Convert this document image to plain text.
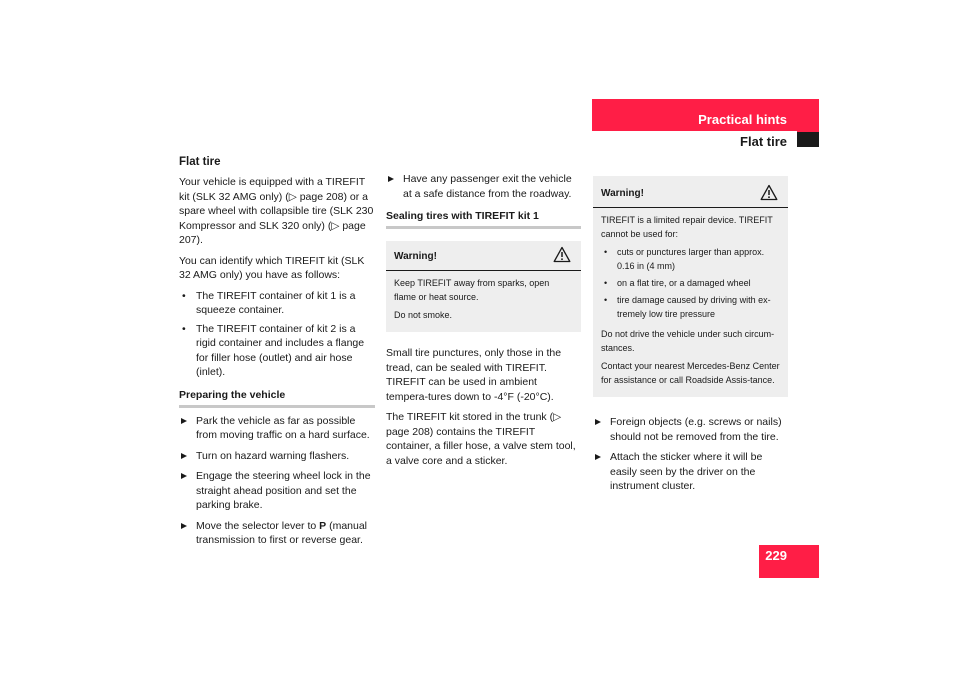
Practical hints
Flat tire
Flat tire

Your vehicle is equipped with a TIREFIT kit (SLK 32 AMG only) (▷ page 208) or a spare wheel with collapsible tire (SLK 230 Kompressor and SLK 320 only) (▷ page 207).

You can identify which TIREFIT kit (SLK 32 AMG only) you have as follows:

• The TIREFIT container of kit 1 is a squeeze container.
• The TIREFIT container of kit 2 is a rigid container and includes a flange for filler hose (outlet) and air hose (inlet).
Preparing the vehicle
Park the vehicle as far as possible from moving traffic on a hard surface.
Turn on hazard warning flashers.
Engage the steering wheel lock in the straight ahead position and set the parking brake.
Move the selector lever to P (manual transmission to first or reverse gear.
Have any passenger exit the vehicle at a safe distance from the roadway.
Sealing tires with TIREFIT kit 1
Warning!

Keep TIREFIT away from sparks, open flame or heat source.

Do not smoke.

Small tire punctures, only those in the tread, can be sealed with TIREFIT. TIREFIT can be used in ambient tempera-tures down to -4°F (-20°C).

The TIREFIT kit stored in the trunk (▷ page 208) contains the TIREFIT container, a filler hose, a valve stem tool, a valve core and a sticker.

Warning!

TIREFIT is a limited repair device. TIREFIT cannot be used for:

• cuts or punctures larger than approx. 0.16 in (4 mm)
• on a flat tire, or a damaged wheel
• tire damage caused by driving with ex-tremely low tire pressure

Do not drive the vehicle under such circum-stances.

Contact your nearest Mercedes-Benz Center for assistance or call Roadside Assis-tance.

Foreign objects (e.g. screws or nails) should not be removed from the tire.
Attach the sticker where it will be easily seen by the driver on the instrument cluster.
229
